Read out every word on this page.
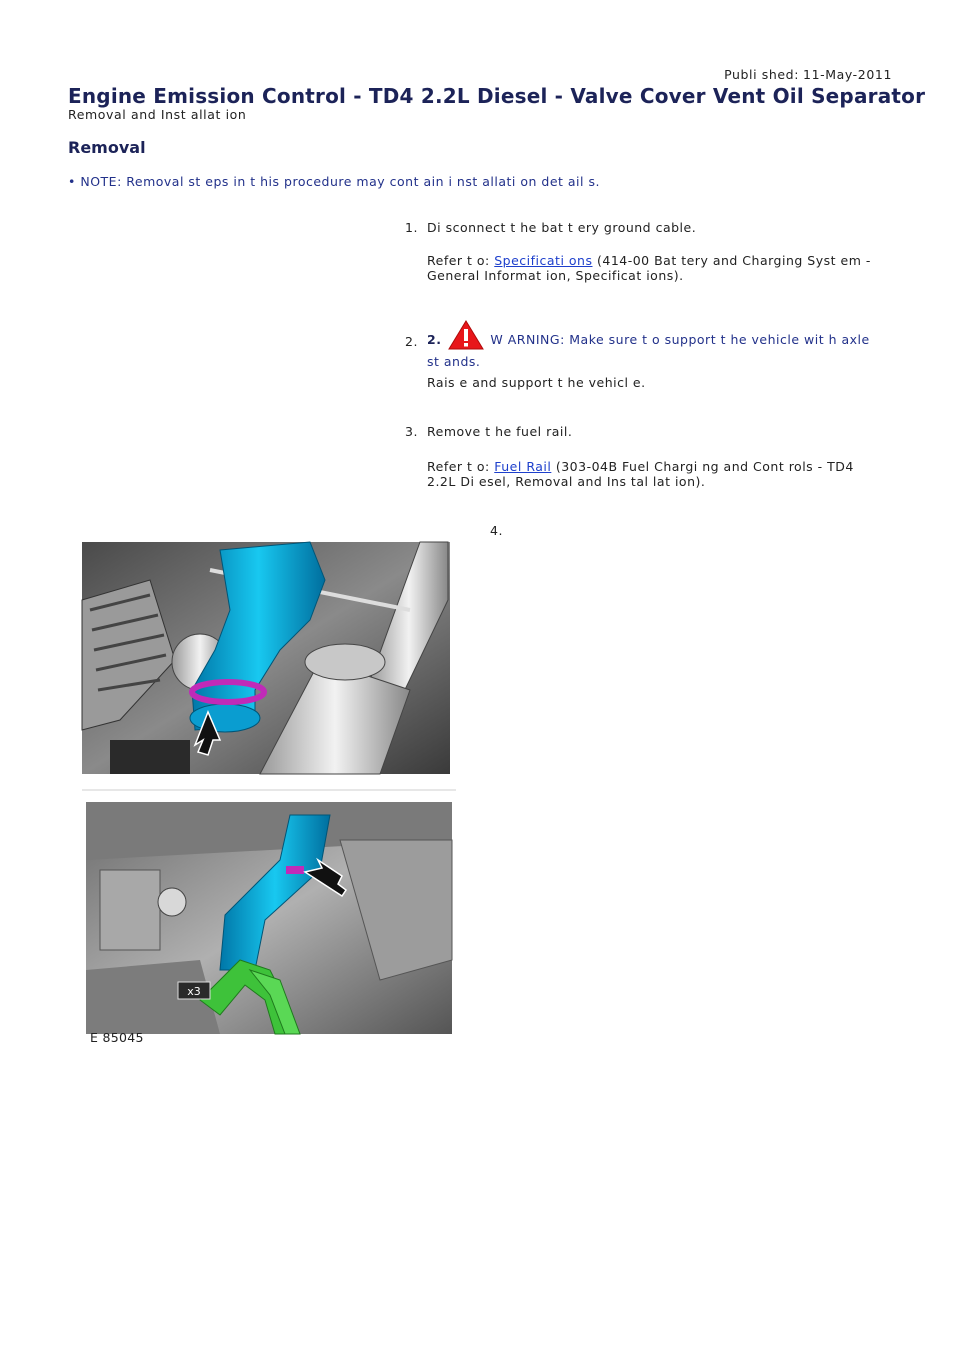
Publi shed: 11-May-2011
Engine Emission Control - TD4 2.2L Diesel - Valve Cover Vent Oil Separator
Removal and Inst allat ion
Removal
• NOTE: Removal st eps in t his procedure may cont ain i nst allati on det ail s.
1. Di sconnect t he bat t ery ground cable.
Refer t o: Specificati ons (414-00 Bat tery and Charging Syst em - General Informat ion, Specificat ions).
2. 2.	W ARNING: Make sure t o support t he vehicle wit h axle st ands.
Rais e and support t he vehicl e.
3. Remove t he fuel rail.
Refer t o: Fuel Rail (303-04B Fuel Chargi ng and Cont rols - TD4 2.2L Di esel, Removal and Ins tal lat ion).
4.
x3
E 85045
